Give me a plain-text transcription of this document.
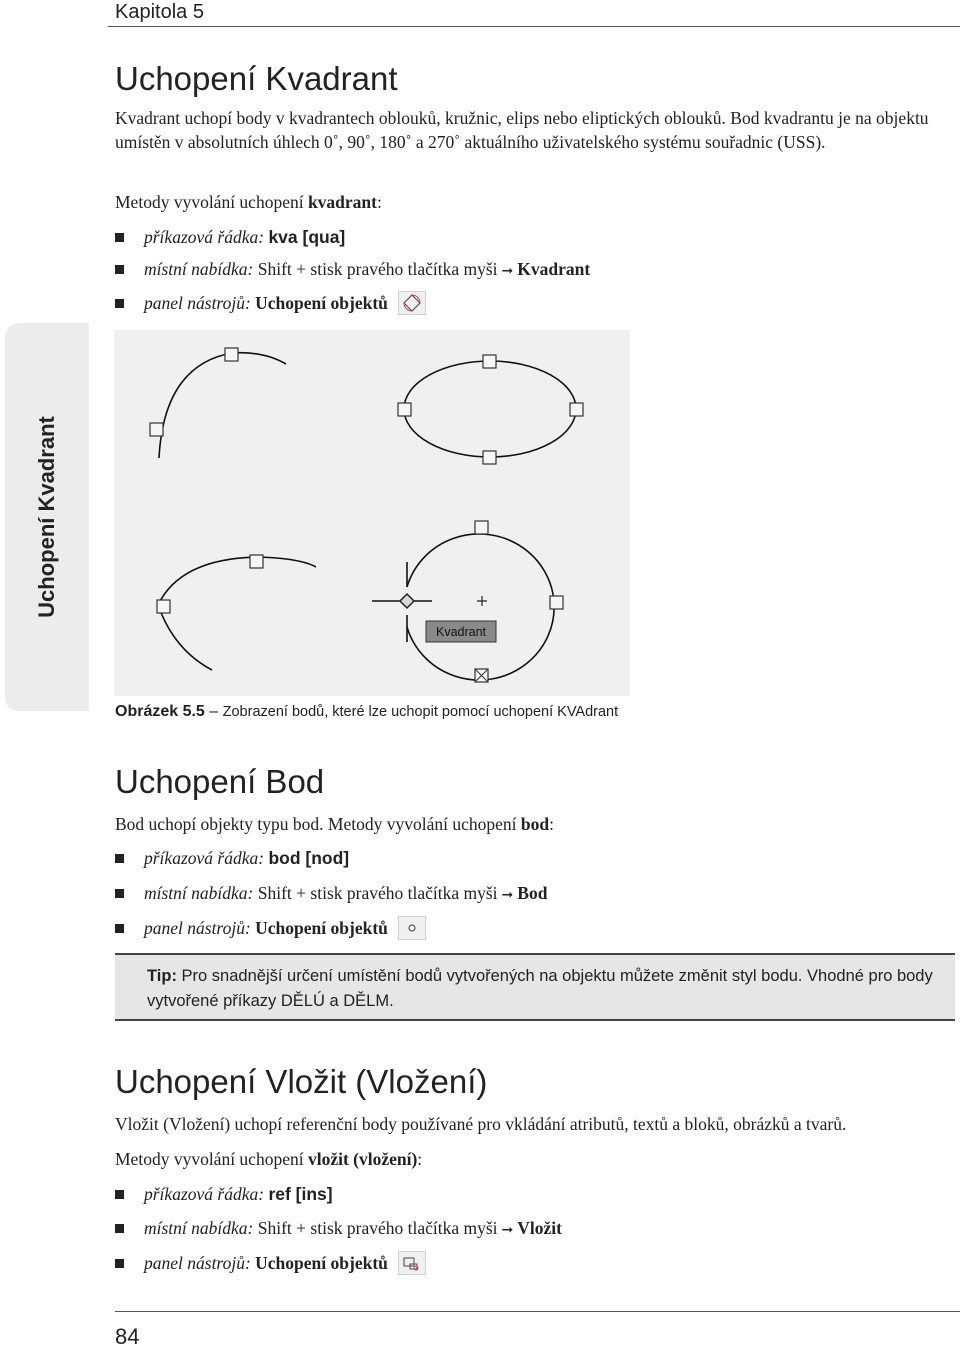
Kapitola 5
Uchopení Kvadrant
Uchopení Kvadrant

Kvadrant uchopí body v kvadrantech oblouků, kružnic, elips nebo eliptických oblouků. Bod kvadrantu je na objektu umístěn v absolutních úhlech 0˚, 90˚, 180˚ a 270˚ aktuálního uživatelského systému souřadnic (USS).

Metody vyvolání uchopení kvadrant:

příkazová řádka: kva [qua]
místní nabídka: Shift + stisk pravého tlačítka myši ➞ Kvadrant
panel nástrojů: Uchopení objektů
Kvadrant
Obrázek 5.5 – Zobrazení bodů, které lze uchopit pomocí uchopení KVAdrant
Uchopení Bod

Bod uchopí objekty typu bod. Metody vyvolání uchopení bod:

příkazová řádka: bod [nod]
místní nabídka: Shift + stisk pravého tlačítka myši ➞ Bod
panel nástrojů: Uchopení objektů
Tip: Pro snadnější určení umístění bodů vytvořených na objektu můžete změnit styl bodu. Vhodné pro body vytvořené příkazy DĚLÚ a DĚLM.
Uchopení Vložit (Vložení)

Vložit (Vložení) uchopí referenční body používané pro vkládání atributů, textů a bloků, obrázků a tvarů.

Metody vyvolání uchopení vložit (vložení):

příkazová řádka: ref [ins]
místní nabídka: Shift + stisk pravého tlačítka myši ➞ Vložit
panel nástrojů: Uchopení objektů
84
